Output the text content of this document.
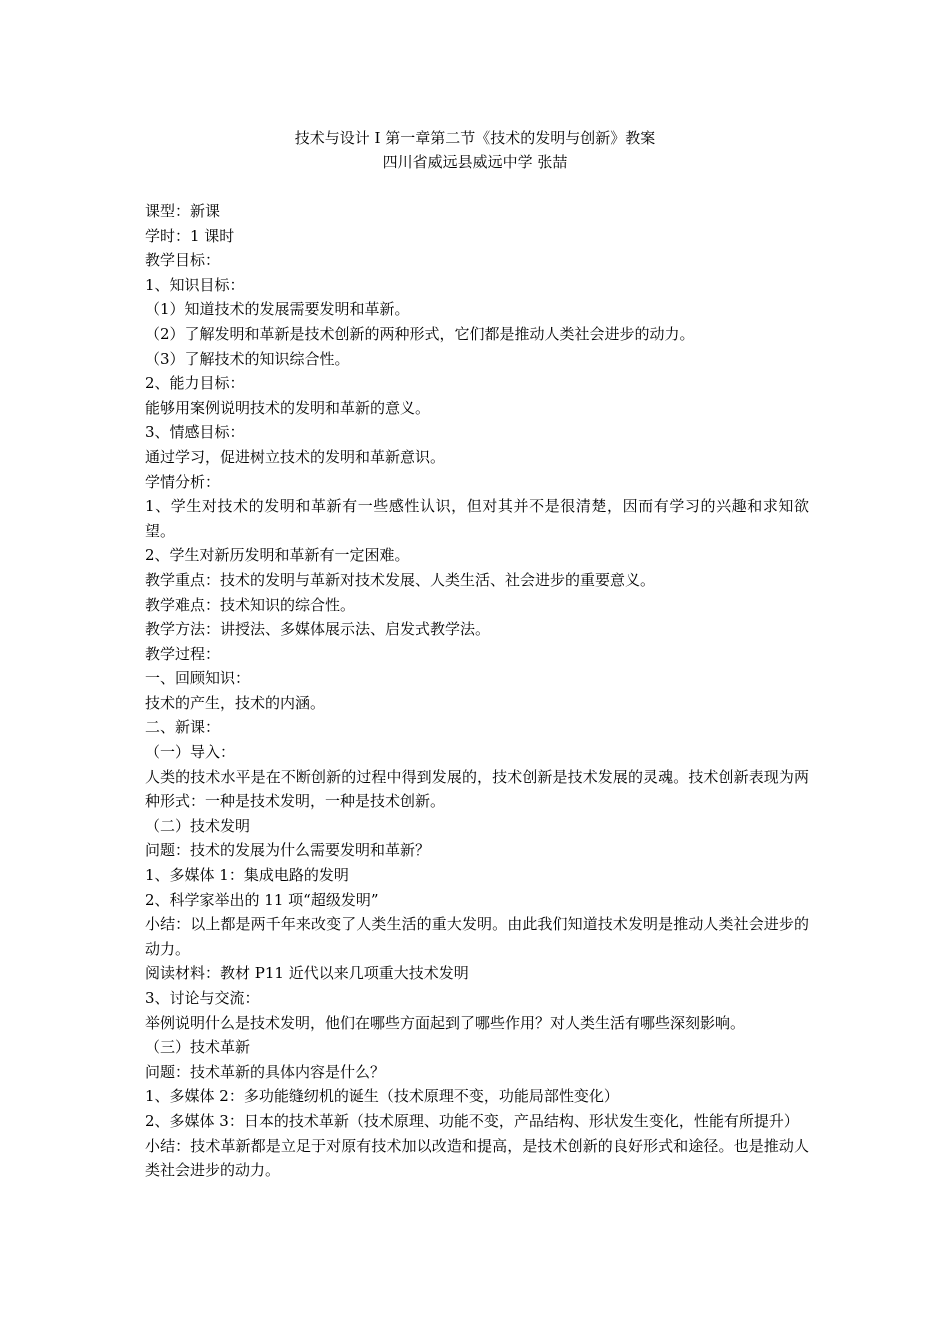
技术与设计 I 第一章第二节《技术的发明与创新》教案
四川省威远县威远中学 张喆

课型：新课

学时：1 课时

教学目标：

1、知识目标：

（1）知道技术的发展需要发明和革新。

（2）了解发明和革新是技术创新的两种形式，它们都是推动人类社会进步的动力。

（3）了解技术的知识综合性。

2、能力目标：

能够用案例说明技术的发明和革新的意义。

3、情感目标：

通过学习，促进树立技术的发明和革新意识。

学情分析：

1、学生对技术的发明和革新有一些感性认识，但对其并不是很清楚，因而有学习的兴趣和求知欲望。

2、学生对新历发明和革新有一定困难。

教学重点：技术的发明与革新对技术发展、人类生活、社会进步的重要意义。

教学难点：技术知识的综合性。

教学方法：讲授法、多媒体展示法、启发式教学法。

教学过程：

一、回顾知识：

技术的产生，技术的内涵。

二、新课：

（一）导入：

人类的技术水平是在不断创新的过程中得到发展的，技术创新是技术发展的灵魂。技术创新表现为两种形式：一种是技术发明，一种是技术创新。

（二）技术发明

问题：技术的发展为什么需要发明和革新？

1、多媒体 1：集成电路的发明

2、科学家举出的 11 项“超级发明”

小结：以上都是两千年来改变了人类生活的重大发明。由此我们知道技术发明是推动人类社会进步的动力。

阅读材料：教材 P11 近代以来几项重大技术发明

3、讨论与交流：

举例说明什么是技术发明，他们在哪些方面起到了哪些作用？对人类生活有哪些深刻影响。

（三）技术革新

问题：技术革新的具体内容是什么？

1、多媒体 2：多功能缝纫机的诞生（技术原理不变，功能局部性变化）

2、多媒体 3：日本的技术革新（技术原理、功能不变，产品结构、形状发生变化，性能有所提升）

小结：技术革新都是立足于对原有技术加以改造和提高，是技术创新的良好形式和途径。也是推动人类社会进步的动力。
